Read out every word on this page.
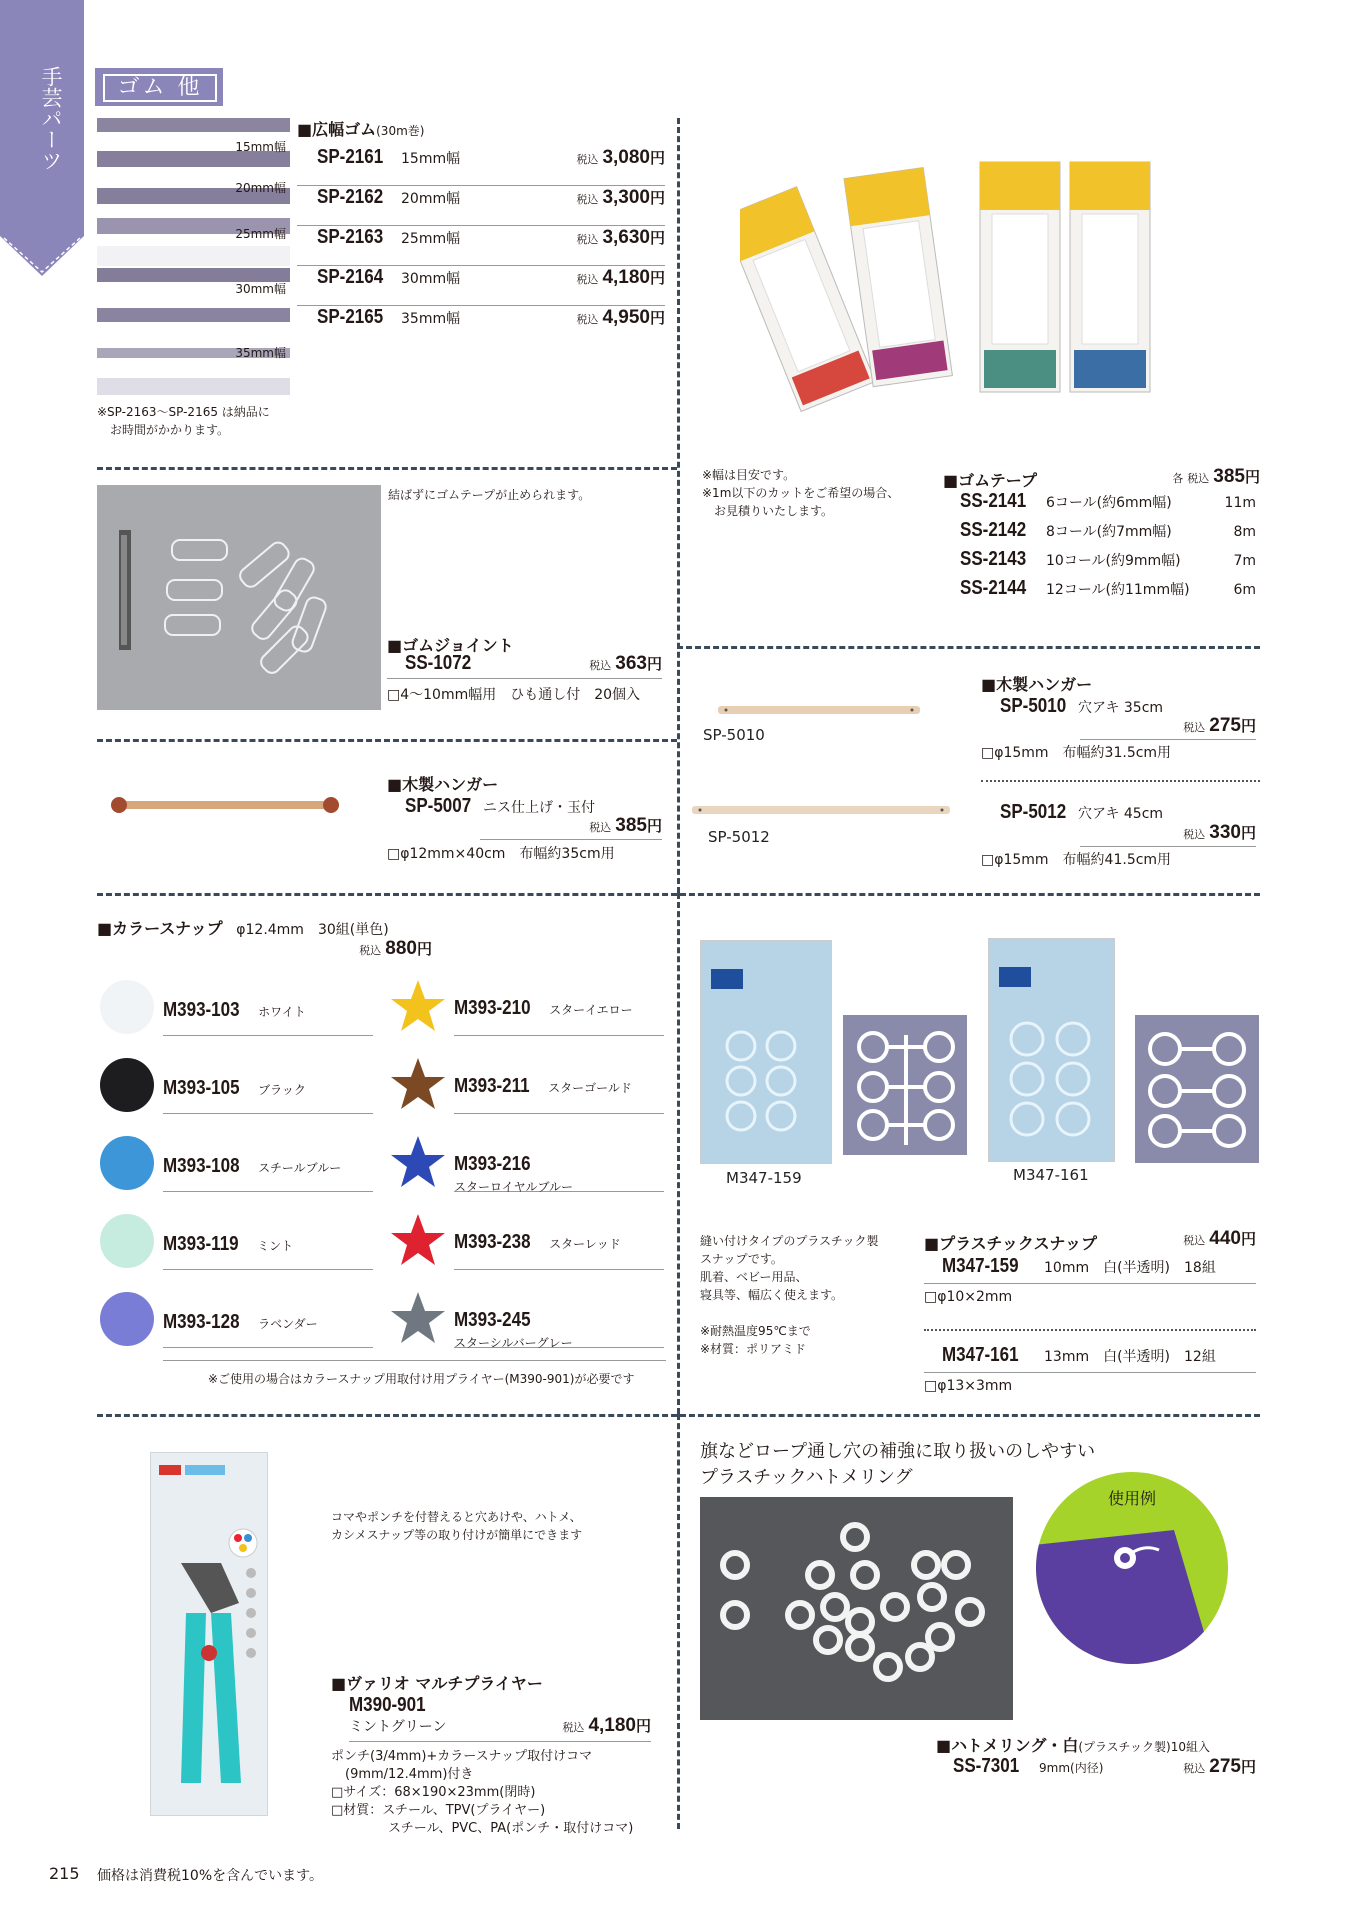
手芸パーツ	ゴム 他
15mm幅
20mm幅
25mm幅
30mm幅
35mm幅
※SP-2163～SP-2165 は納品に
お時間がかかります。
■広幅ゴム(30m巻)
SP-2161	15mm幅	税込 3,080円
SP-2162	20mm幅	税込 3,300円
SP-2163	25mm幅	税込 3,630円
SP-2164	30mm幅	税込 4,180円
SP-2165	35mm幅	税込 4,950円
※幅は目安です。
※1m以下のカットをご希望の場合、
お見積りいたします。
■ゴムテープ	各 税込 385円
SS-2141	6コール(約6mm幅)	11m
SS-2142	8コール(約7mm幅)	8m
SS-2143	10コール(約9mm幅)	7m
SS-2144	12コール(約11mm幅)	6m
結ばずにゴムテープが止められます。
■ゴムジョイント
SS-1072	税込 363円
□4～10mm幅用　ひも通し付　20個入
■木製ハンガー
SP-5007 ニス仕上げ・玉付
税込 385円
□φ12mm×40cm　布幅約35cm用
SP-5010
SP-5012
■木製ハンガー
SP-5010 穴アキ 35cm
税込 275円
□φ15mm　布幅約31.5cm用
SP-5012 穴アキ 45cm
税込 330円
□φ15mm　布幅約41.5cm用
■カラースナップ φ12.4mm　30組(単色)
税込 880円
M393-103 ホワイト
M393-105 ブラック
M393-108 スチールブルー
M393-119 ミント
M393-128 ラベンダー
M393-210 スターイエロー
M393-211 スターゴールド
M393-216 スターロイヤルブルー
M393-238 スターレッド
M393-245 スターシルバーグレー
※ご使用の場合はカラースナップ用取付け用プライヤー(M390-901)が必要です
M347-159	M347-161
縫い付けタイプのプラスチック製
スナップです。
肌着、ベビー用品、
寝具等、幅広く使えます。
※耐熱温度95℃まで
※材質：ポリアミド
■プラスチックスナップ	税込 440円
M347-159	10mm　白(半透明)　18組
□φ10×2mm
M347-161	13mm　白(半透明)　12組
□φ13×3mm
コマやポンチを付替えると穴あけや、ハトメ、
カシメスナップ等の取り付けが簡単にできます
■ヴァリオ マルチプライヤー
M390-901
ミントグリーン	税込 4,180円
ポンチ(3/4mm)+カラースナップ取付けコマ
(9mm/12.4mm)付き
□サイズ：68×190×23mm(閉時)
□材質：スチール、TPV(プライヤー)
スチール、PVC、PA(ポンチ・取付けコマ)
旗などロープ通し穴の補強に取り扱いのしやすい
プラスチックハトメリング
使用例
■ハトメリング・白(プラスチック製)10組入
SS-7301	9mm(内径)	税込 275円
215 価格は消費税10%を含んでいます。
